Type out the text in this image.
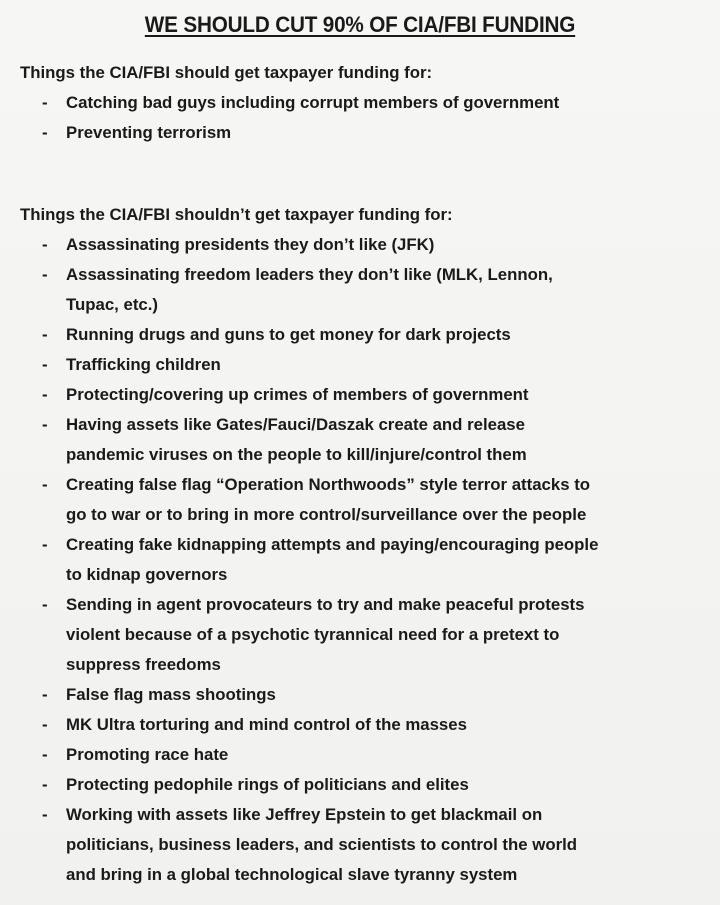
WE SHOULD CUT 90% OF CIA/FBI FUNDING
Things the CIA/FBI should get taxpayer funding for:
-	Catching bad guys including corrupt members of government
-	Preventing terrorism
Things the CIA/FBI shouldn’t get taxpayer funding for:
-	Assassinating presidents they don’t like (JFK)
-	Assassinating freedom leaders they don’t like (MLK, Lennon,
Tupac, etc.)
-	Running drugs and guns to get money for dark projects
-	Trafficking children
-	Protecting/covering up crimes of members of government
-	Having assets like Gates/Fauci/Daszak create and release
pandemic viruses on the people to kill/injure/control them
-	Creating false flag “Operation Northwoods” style terror attacks to
go to war or to bring in more control/surveillance over the people
-	Creating fake kidnapping attempts and paying/encouraging people
to kidnap governors
-	Sending in agent provocateurs to try and make peaceful protests
violent because of a psychotic tyrannical need for a pretext to
suppress freedoms
-	False flag mass shootings
-	MK Ultra torturing and mind control of the masses
-	Promoting race hate
-	Protecting pedophile rings of politicians and elites
-	Working with assets like Jeffrey Epstein to get blackmail on
politicians, business leaders, and scientists to control the world
and bring in a global technological slave tyranny system
